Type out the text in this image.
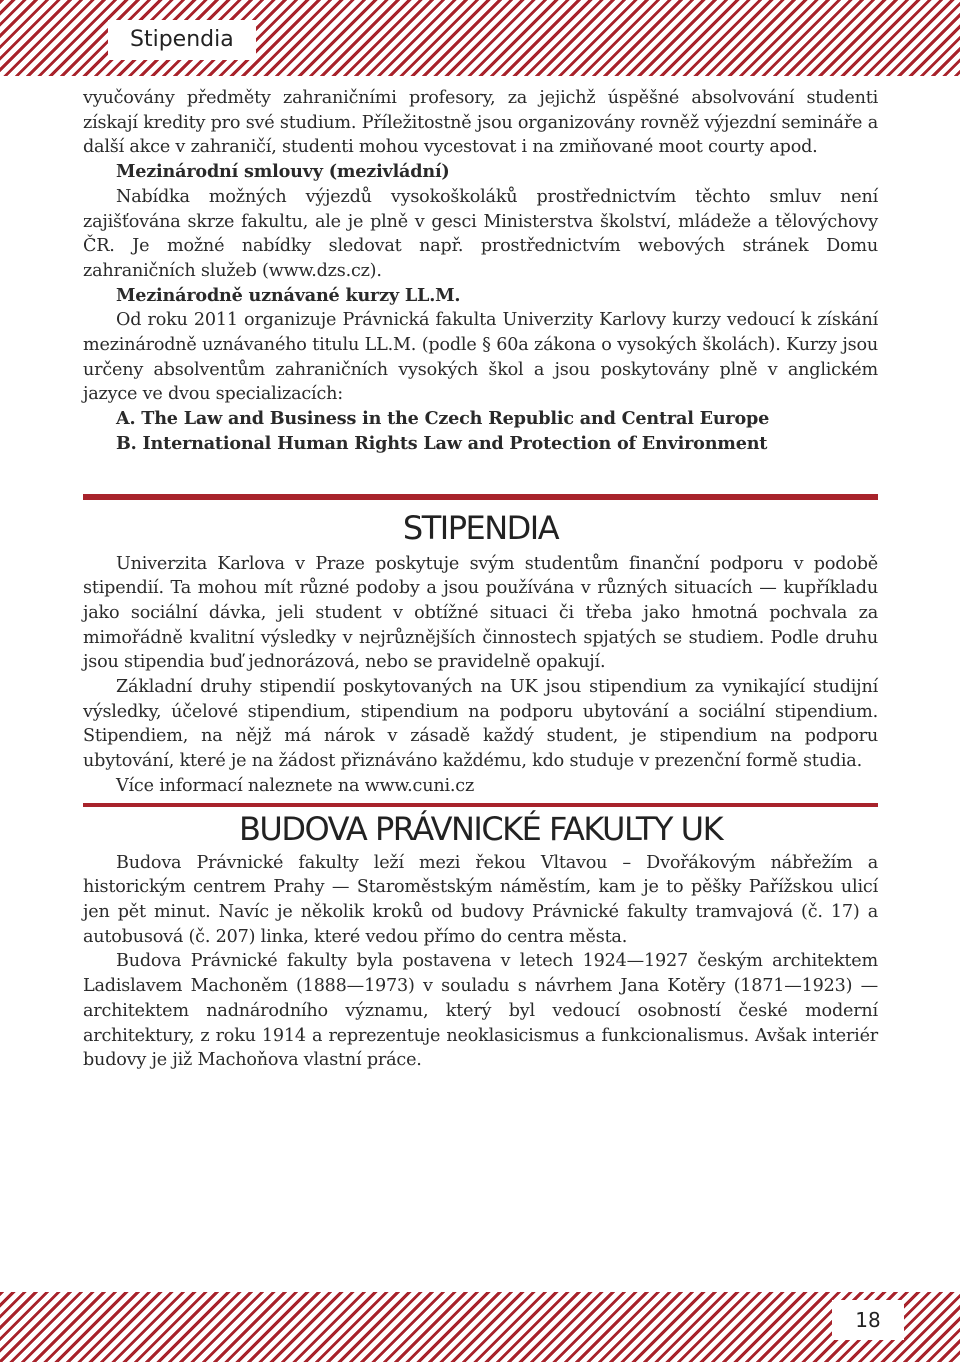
Stipendia

vyučovány předměty zahraničními profesory, za jejichž úspěšné absolvování studenti získají kredity pro své studium. Příležitostně jsou organizovány rovněž výjezdní semináře a další akce v zahraničí, studenti mohou vycestovat i na zmiňované moot courty apod.

Mezinárodní smlouvy (mezivládní)

Nabídka možných výjezdů vysokoškoláků prostřednictvím těchto smluv není zajišťována skrze fakultu, ale je plně v gesci Ministerstva školství, mládeže a tělovýchovy ČR. Je možné nabídky sledovat např. prostřednictvím webových stránek Domu zahraničních služeb (www.dzs.cz).

Mezinárodně uznávané kurzy LL.M.

Od roku 2011 organizuje Právnická fakulta Univerzity Karlovy kurzy vedoucí k získání mezinárodně uznávaného titulu LL.M. (podle § 60a zákona o vysokých školách). Kurzy jsou určeny absolventům zahraničních vysokých škol a jsou poskytovány plně v anglickém jazyce ve dvou specializacích:

A. The Law and Business in the Czech Republic and Central Europe

B. International Human Rights Law and Protection of Environment

STIPENDIA

Univerzita Karlova v Praze poskytuje svým studentům finanční podporu v podobě stipendií. Ta mohou mít různé podoby a jsou používána v různých situacích — kupříkladu jako sociální dávka, jeli student v obtížné situaci či třeba jako hmotná pochvala za mimořádně kvalitní výsledky v nejrůznějších činnostech spjatých se studiem. Podle druhu jsou stipendia buď jednorázová, nebo se pravidelně opakují.

Základní druhy stipendií poskytovaných na UK jsou stipendium za vynikající studijní výsledky, účelové stipendium, stipendium na podporu ubytování a sociální stipendium. Stipendiem, na nějž má nárok v zásadě každý student, je stipendium na podporu ubytování, které je na žádost přiznáváno každému, kdo studuje v prezenční formě studia.

Více informací naleznete na www.cuni.cz

BUDOVA PRÁVNICKÉ FAKULTY UK

Budova Právnické fakulty leží mezi řekou Vltavou – Dvořákovým nábřežím a historickým centrem Prahy — Staroměstským náměstím, kam je to pěšky Pařížskou ulicí jen pět minut. Navíc je několik kroků od budovy Právnické fakulty tramvajová (č. 17) a autobusová (č. 207) linka, které vedou přímo do centra města.

Budova Právnické fakulty byla postavena v letech 1924—1927 českým architektem Ladislavem Machoněm (1888—1973) v souladu s návrhem Jana Kotěry (1871—1923) — architektem nadnárodního významu, který byl vedoucí osobností české moderní architektury, z roku 1914 a reprezentuje neoklasicismus a funkcionalismus. Avšak interiér budovy je již Machoňova vlastní práce.

18
